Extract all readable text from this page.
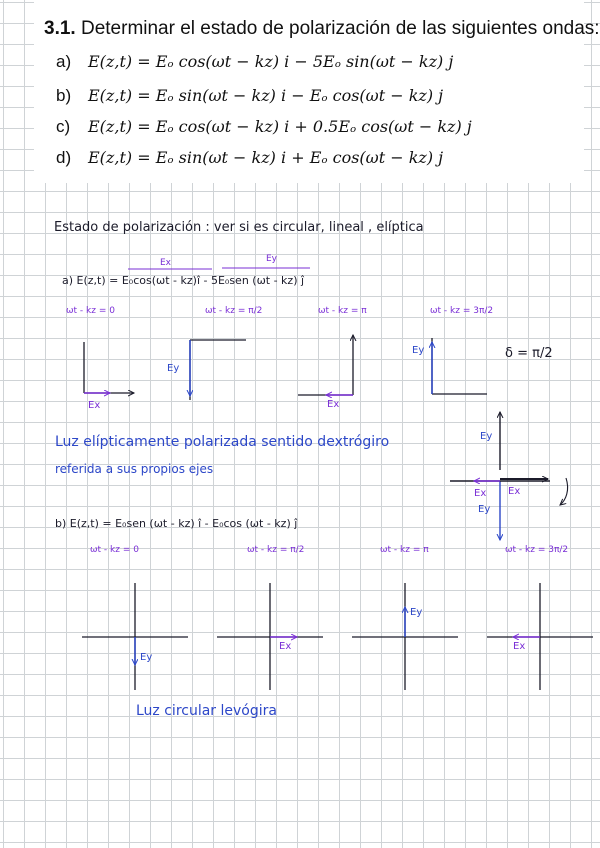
3.1. Determinar el estado de polarización de las siguientes ondas:
a) E(z,t) = Eₒ cos(ωt − kz) i − 5Eₒ sin(ωt − kz) j
b) E(z,t) = Eₒ sin(ωt − kz) i − Eₒ cos(ωt − kz) j
c) E(z,t) = Eₒ cos(ωt − kz) i + 0.5Eₒ cos(ωt − kz) j
d) E(z,t) = Eₒ sin(ωt − kz) i + Eₒ cos(ωt − kz) j
Estado de polarización : ver si es circular, lineal , elíptica
Ex	Ey
a) E(z,t) = E₀cos(ωt - kz)î - 5E₀sen (ωt - kz) ĵ
ωt - kz = 0	ωt - kz = π/2	ωt - kz = π	ωt - kz = 3π/2
Ex
Ey
Ex
Ey	δ = π/2
Luz elípticamente polarizada sentido dextrógiro
referida a sus propios ejes
Ey
Ex Ex
Ey
b) E(z,t) = E₀sen (ωt - kz) î - E₀cos (ωt - kz) ĵ
ωt - kz = 0	ωt - kz = π/2	ωt - kz = π	ωt - kz = 3π/2
Ey
Ex
Ey
Ex
Luz circular levógira
